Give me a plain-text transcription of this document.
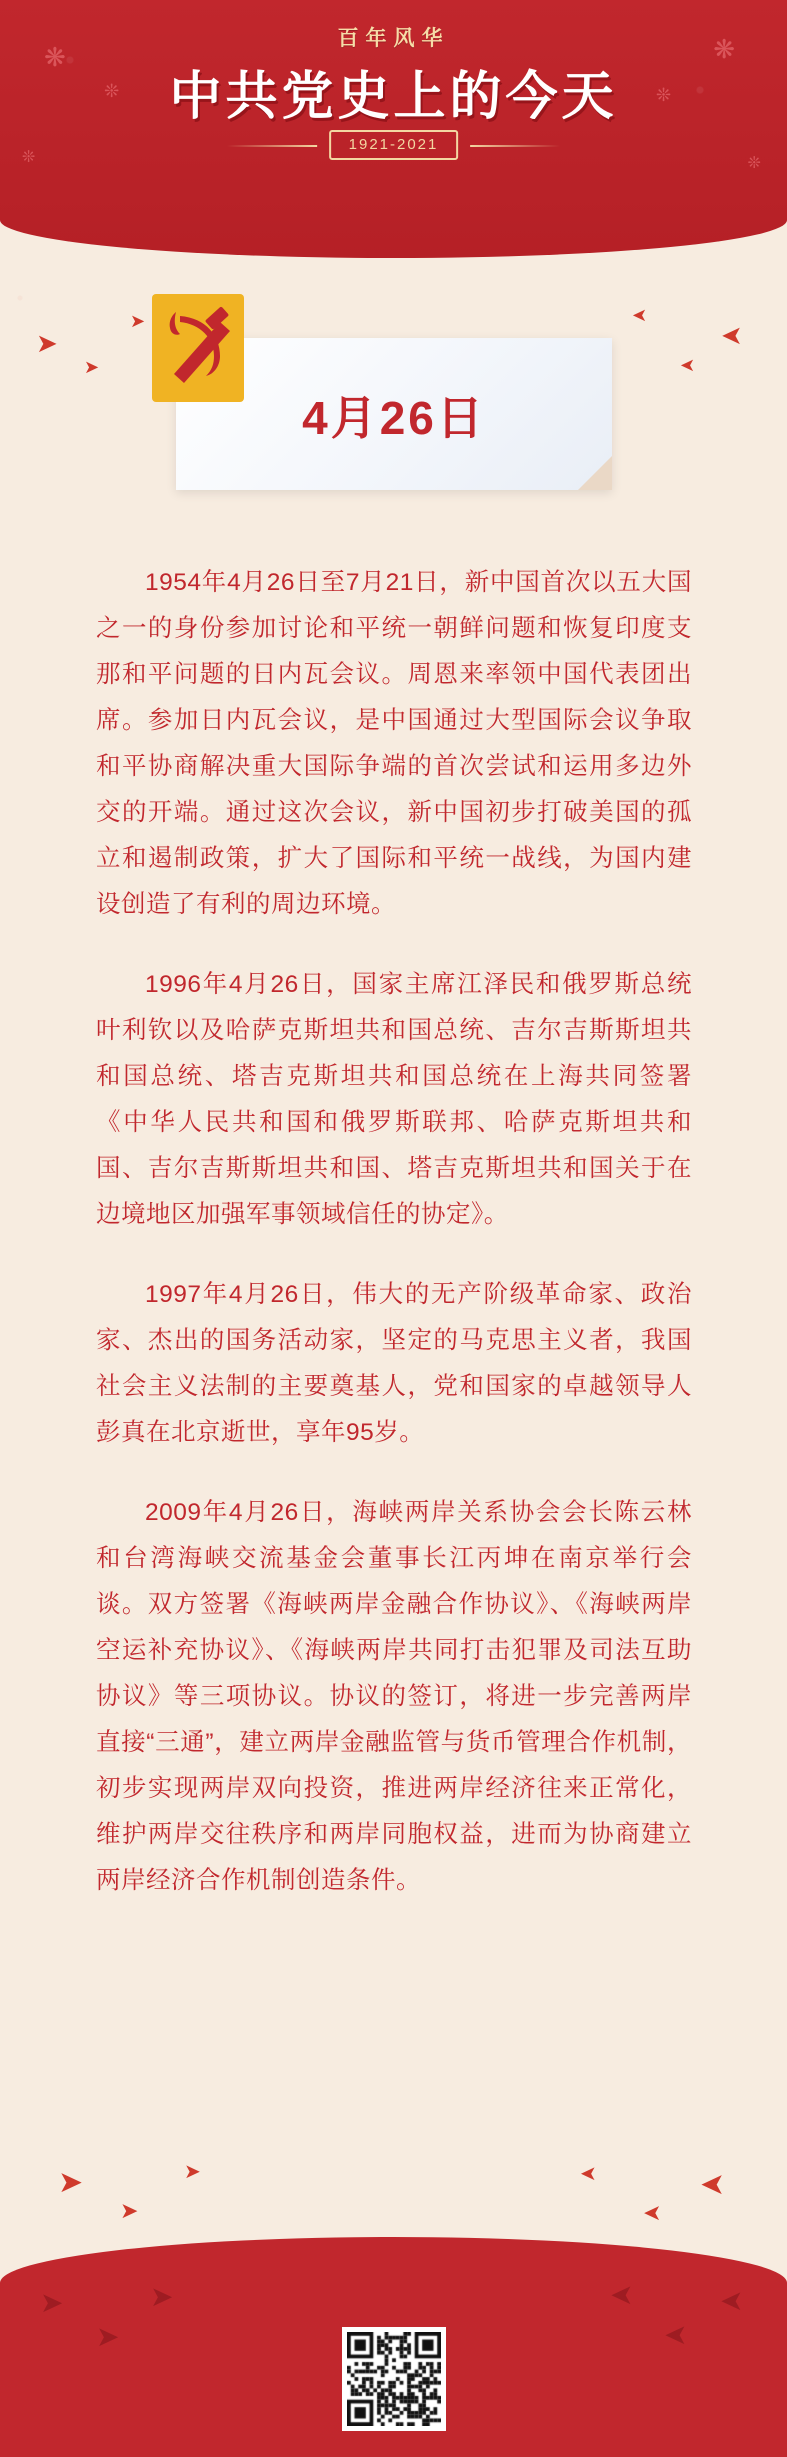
❋
❊
❋
❊
❊	❊
百年风华
中共党史上的今天
1921-2021
➤
➤
➤	➤
➤
➤
4月26日

1954年4月26日至7月21日，新中国首次以五大国之一的身份参加讨论和平统一朝鲜问题和恢复印度支那和平问题的日内瓦会议。周恩来率领中国代表团出席。参加日内瓦会议，是中国通过大型国际会议争取和平协商解决重大国际争端的首次尝试和运用多边外交的开端。通过这次会议，新中国初步打破美国的孤立和遏制政策，扩大了国际和平统一战线，为国内建设创造了有利的周边环境。

1996年4月26日，国家主席江泽民和俄罗斯总统叶利钦以及哈萨克斯坦共和国总统、吉尔吉斯斯坦共和国总统、塔吉克斯坦共和国总统在上海共同签署《中华人民共和国和俄罗斯联邦、哈萨克斯坦共和国、吉尔吉斯斯坦共和国、塔吉克斯坦共和国关于在边境地区加强军事领域信任的协定》。

1997年4月26日，伟大的无产阶级革命家、政治家、杰出的国务活动家，坚定的马克思主义者，我国社会主义法制的主要奠基人，党和国家的卓越领导人彭真在北京逝世，享年95岁。

2009年4月26日，海峡两岸关系协会会长陈云林和台湾海峡交流基金会董事长江丙坤在南京举行会谈。双方签署《海峡两岸金融合作协议》、《海峡两岸空运补充协议》、《海峡两岸共同打击犯罪及司法互助协议》等三项协议。协议的签订，将进一步完善两岸直接“三通”，建立两岸金融监管与货币管理合作机制，初步实现两岸双向投资，推进两岸经济往来正常化，维护两岸交往秩序和两岸同胞权益，进而为协商建立两岸经济合作机制创造条件。

➤
➤
➤	➤
➤
➤
➤
➤
➤	➤
➤
➤
